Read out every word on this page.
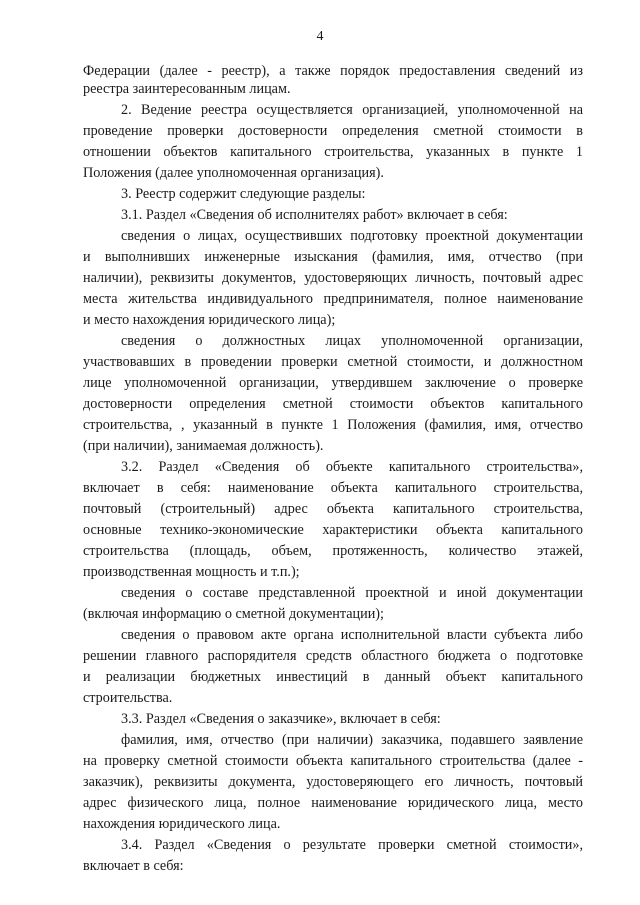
4
Федерации (далее - реестр), а также порядок предоставления сведений из
реестра заинтересованным лицам.
2. Ведение реестра осуществляется организацией, уполномоченной на
проведение проверки достоверности определения сметной стоимости в
отношении объектов капитального строительства, указанных в пункте 1
Положения (далее уполномоченная организация).
3. Реестр содержит следующие разделы:
3.1. Раздел «Сведения об исполнителях работ» включает в себя:
сведения о лицах, осуществивших подготовку проектной документации
и выполнивших инженерные изыскания (фамилия, имя, отчество (при
наличии), реквизиты документов, удостоверяющих личность, почтовый адрес
места жительства индивидуального предпринимателя, полное наименование
и место нахождения юридического лица);
сведения о должностных лицах уполномоченной организации,
участвовавших в проведении проверки сметной стоимости, и должностном
лице уполномоченной организации, утвердившем заключение о проверке
достоверности определения сметной стоимости объектов капитального
строительства, , указанный в пункте 1 Положения (фамилия, имя, отчество
(при наличии), занимаемая должность).
3.2. Раздел «Сведения об объекте капитального строительства»,
включает в себя: наименование объекта капитального строительства,
почтовый (строительный) адрес объекта капитального строительства,
основные технико-экономические характеристики объекта капитального
строительства (площадь, объем, протяженность, количество этажей,
производственная мощность и т.п.);
сведения о составе представленной проектной и иной документации
(включая информацию о сметной документации);
сведения о правовом акте органа исполнительной власти субъекта либо
решении главного распорядителя средств областного бюджета о подготовке
и реализации бюджетных инвестиций в данный объект капитального
строительства.
3.3. Раздел «Сведения о заказчике», включает в себя:
фамилия, имя, отчество (при наличии) заказчика, подавшего заявление
на проверку сметной стоимости объекта капитального строительства (далее -
заказчик), реквизиты документа, удостоверяющего его личность, почтовый
адрес физического лица, полное наименование юридического лица, место
нахождения юридического лица.
3.4. Раздел «Сведения о результате проверки сметной стоимости»,
включает в себя:
